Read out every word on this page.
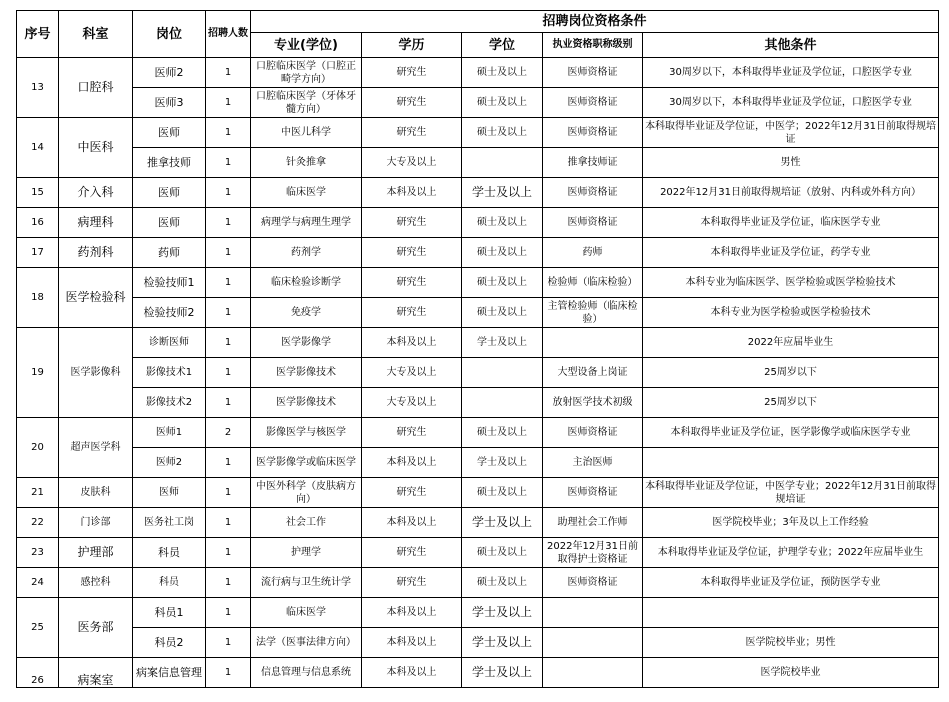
序号	科室	岗位	招聘人数	招聘岗位资格条件				
				专业(学位)	学历	学位	执业资格职称级别	其他条件
13	口腔科	医师2	1	口腔临床医学（口腔正畸学方向）	研究生	硕士及以上	医师资格证	30周岁以下，本科取得毕业证及学位证，口腔医学专业
		医师3	1	口腔临床医学（牙体牙髓方向）	研究生	硕士及以上	医师资格证	30周岁以下，本科取得毕业证及学位证，口腔医学专业
14	中医科	医师	1	中医儿科学	研究生	硕士及以上	医师资格证	本科取得毕业证及学位证，中医学；2022年12月31日前取得规培证
		推拿技师	1	针灸推拿	大专及以上		推拿技师证	男性
15	介入科	医师	1	临床医学	本科及以上	学士及以上	医师资格证	2022年12月31日前取得规培证（放射、内科或外科方向）
16	病理科	医师	1	病理学与病理生理学	研究生	硕士及以上	医师资格证	本科取得毕业证及学位证，临床医学专业
17	药剂科	药师	1	药剂学	研究生	硕士及以上	药师	本科取得毕业证及学位证，药学专业
18	医学检验科	检验技师1	1	临床检验诊断学	研究生	硕士及以上	检验师（临床检验）	本科专业为临床医学、医学检验或医学检验技术
		检验技师2	1	免疫学	研究生	硕士及以上	主管检验师（临床检验）	本科专业为医学检验或医学检验技术
19	医学影像科	诊断医师	1	医学影像学	本科及以上	学士及以上		2022年应届毕业生
		影像技术1	1	医学影像技术	大专及以上		大型设备上岗证	25周岁以下
		影像技术2	1	医学影像技术	大专及以上		放射医学技术初级	25周岁以下
20	超声医学科	医师1	2	影像医学与核医学	研究生	硕士及以上	医师资格证	本科取得毕业证及学位证，医学影像学或临床医学专业
		医师2	1	医学影像学或临床医学	本科及以上	学士及以上	主治医师	
21	皮肤科	医师	1	中医外科学（皮肤病方向）	研究生	硕士及以上	医师资格证	本科取得毕业证及学位证，中医学专业；2022年12月31日前取得规培证
22	门诊部	医务社工岗	1	社会工作	本科及以上	学士及以上	助理社会工作师	医学院校毕业；3年及以上工作经验
23	护理部	科员	1	护理学	研究生	硕士及以上	2022年12月31日前取得护士资格证	本科取得毕业证及学位证，护理学专业；2022年应届毕业生
24	感控科	科员	1	流行病与卫生统计学	研究生	硕士及以上	医师资格证	本科取得毕业证及学位证，预防医学专业
25	医务部	科员1	1	临床医学	本科及以上	学士及以上		
		科员2	1	法学（医事法律方向）	本科及以上	学士及以上		医学院校毕业；男性
26	病案室	病案信息管理	1	信息管理与信息系统	本科及以上	学士及以上		医学院校毕业
